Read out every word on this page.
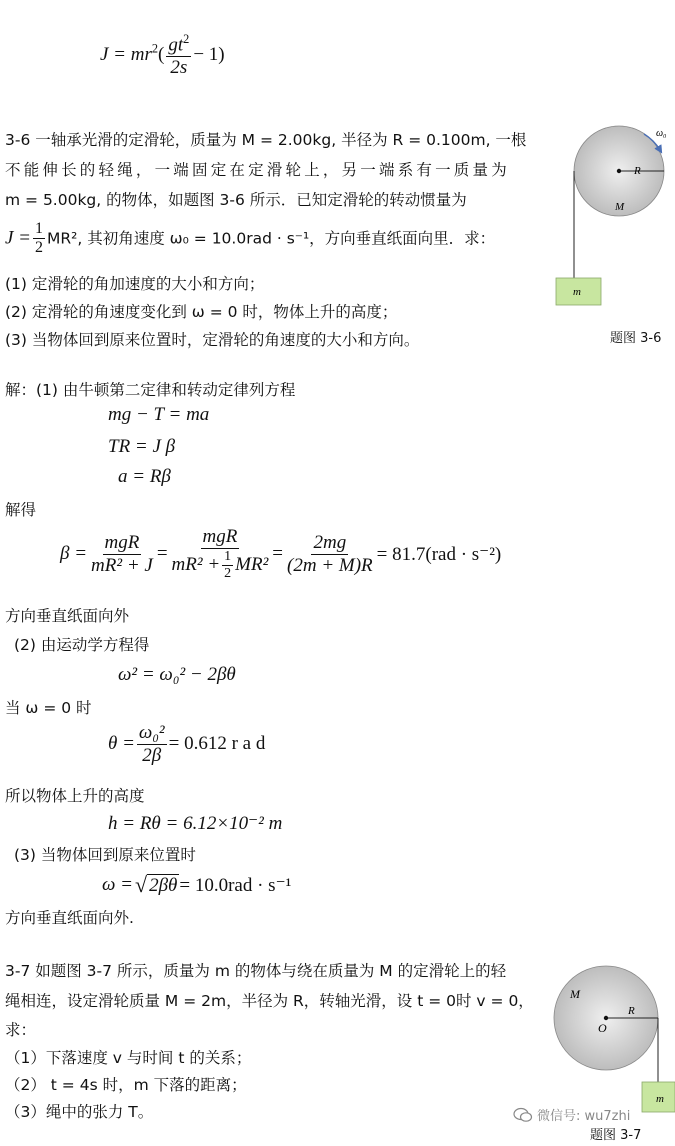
$J = mr^2( \frac{gt^2}{2s} - 1)$
3-6 一轴承光滑的定滑轮，质量为 M = 2.00kg, 半径为 R = 0.100m, 一根
不能伸长的轻绳，一端固定在定滑轮上，另一端系有一质量为
m = 5.00kg, 的物体，如题图 3-6 所示．已知定滑轮的转动惯量为
$J = \frac{1}{2} MR^2$, 其初角速度 ω₀ = 10.0rad · s⁻¹，方向垂直纸面向里．求：
(1) 定滑轮的角加速度的大小和方向；
(2) 定滑轮的角速度变化到 ω = 0 时，物体上升的高度；
(3) 当物体回到原来位置时，定滑轮的角速度的大小和方向。
ω₀
R
M
m
题图 3-6
解：(1) 由牛顿第二定律和转动定律列方程
mg − T = ma
TR = J β
a = Rβ
解得
$\beta = \frac{\text{mgR}}{\text{mR² + J}} = \frac{\text{mgR}}{mR^2 + \frac{1}{2} MR^2} = \frac{2mg}{(2m + M)R} = 81.7(rad \cdot s^{-2})$
方向垂直纸面向外
(2) 由运动学方程得
ω² = ω₀² − 2βθ
当 ω = 0 时
$\theta = \frac{\text{ω₀²}}{2\beta} = 0.612$ r a d
所以物体上升的高度
h = Rθ = 6.12×10⁻² m
(3) 当物体回到原来位置时
ω = √ 2βθ = 10.0rad · s⁻¹
方向垂直纸面向外.
3-7 如题图 3-7 所示，质量为 m 的物体与绕在质量为 M 的定滑轮上的轻
绳相连，设定滑轮质量 M = 2m，半径为 R，转轴光滑，设 t = 0时 v = 0，
求：
（1）下落速度 v 与时间 t 的关系；
（2） t = 4s 时，m 下落的距离；
（3）绳中的张力 T。
M
O
R
m
微信号: wu7zhi
题图 3-7
